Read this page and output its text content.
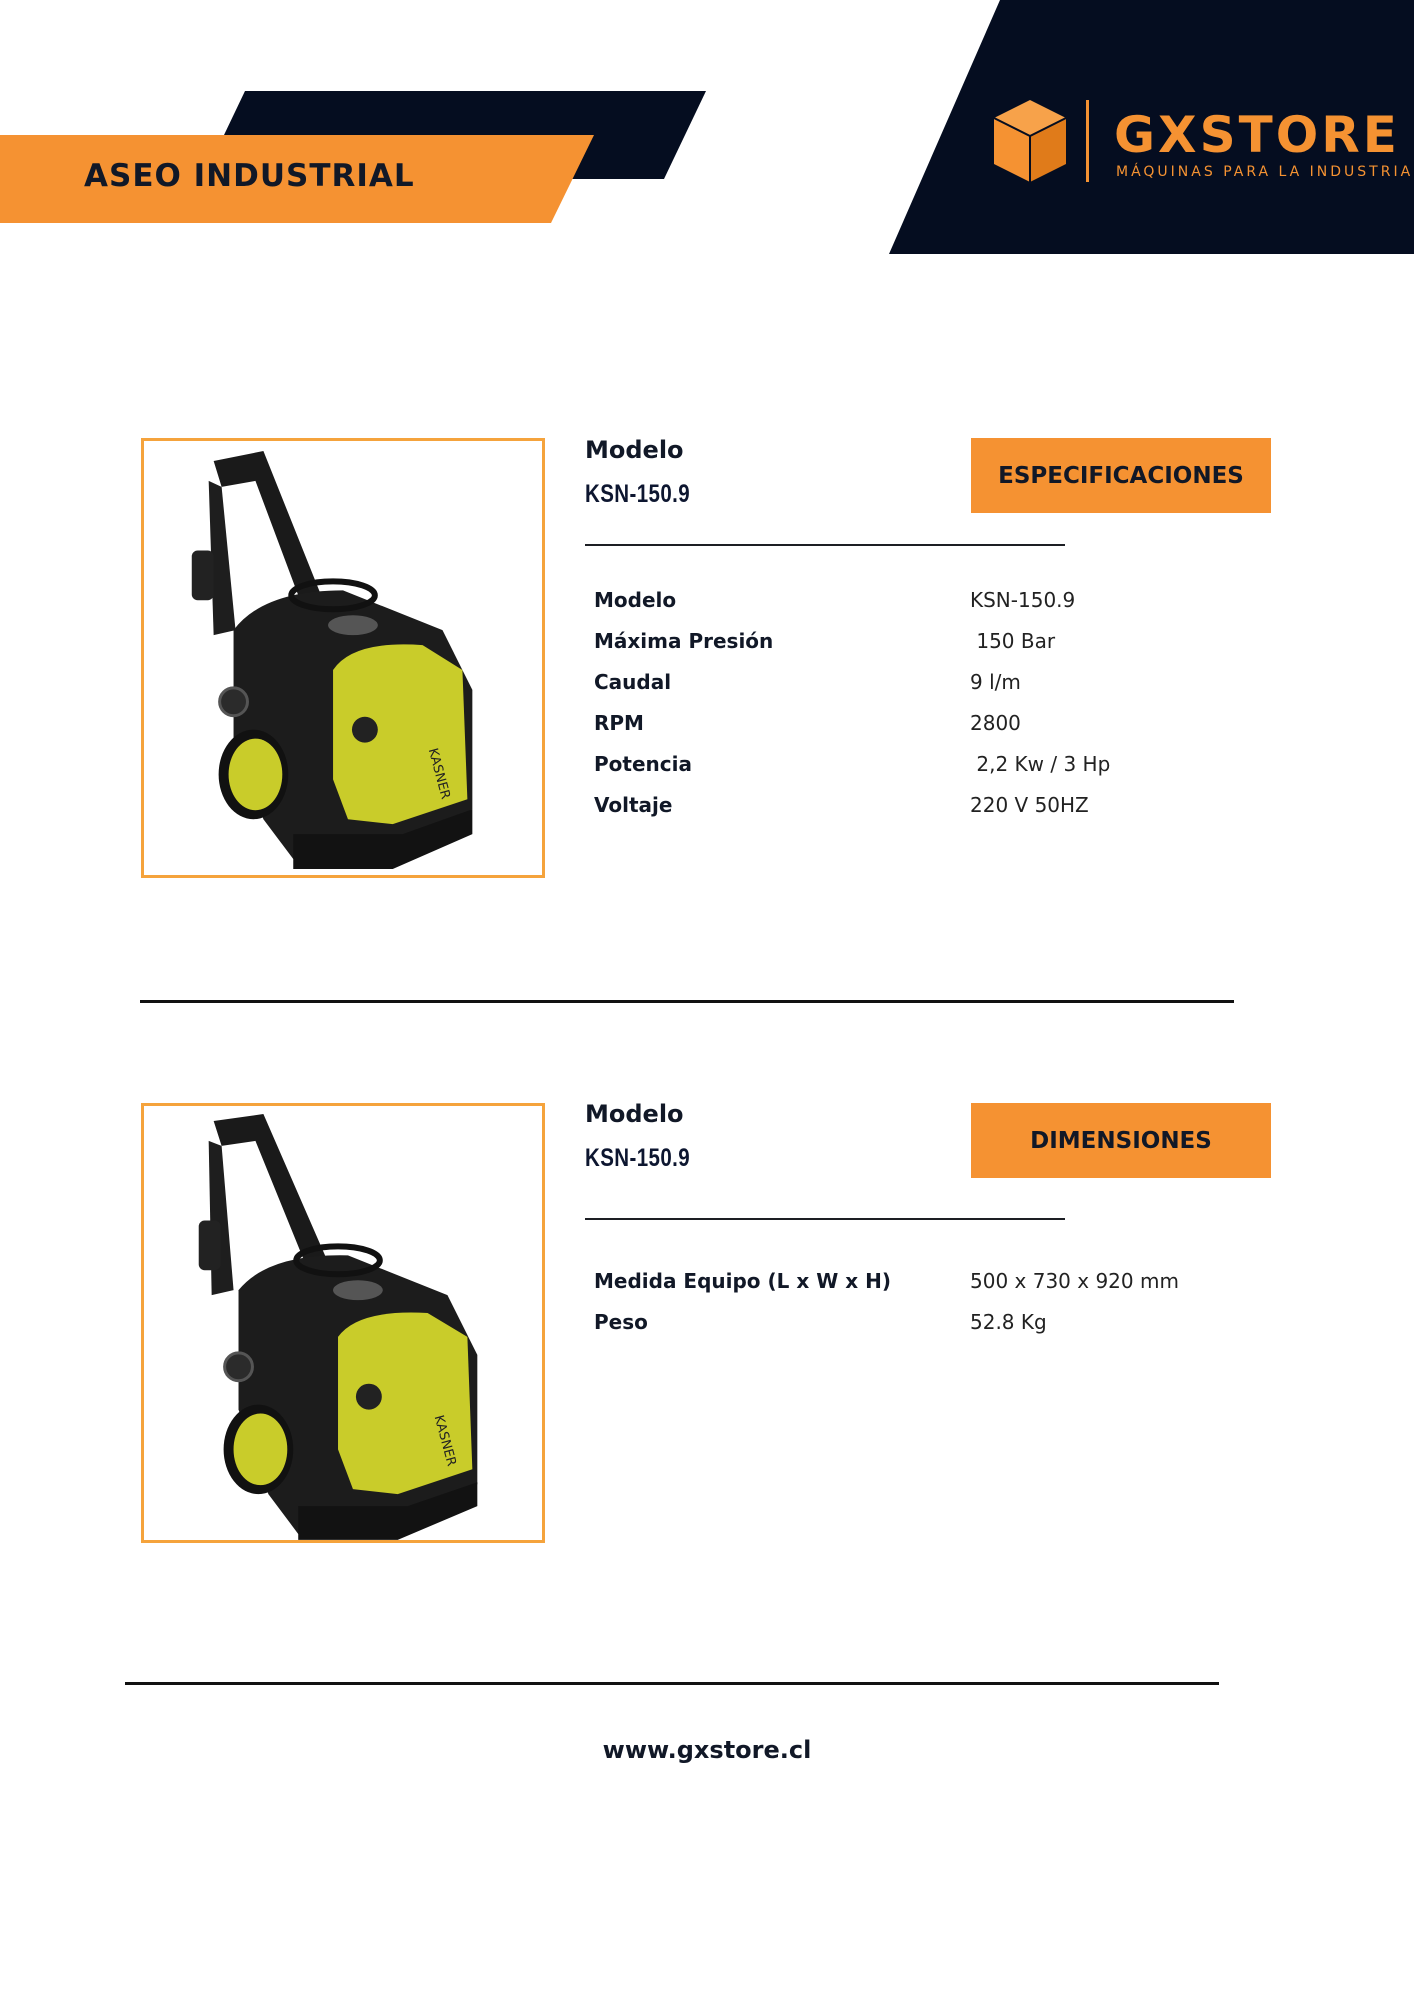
ASEO INDUSTRIAL
GXSTORE
MÁQUINAS PARA LA INDUSTRIA
KASNER
Modelo
KSN-150.9
ESPECIFICACIONES
Modelo	KSN-150.9
Máxima Presión	150 Bar
Caudal	9 l/m
RPM	2800
Potencia	2,2 Kw / 3 Hp
Voltaje	220 V 50HZ
KASNER
Modelo
KSN-150.9
DIMENSIONES
Medida Equipo (L x W x H)	500 x 730 x 920 mm
Peso	52.8 Kg
www.gxstore.cl
